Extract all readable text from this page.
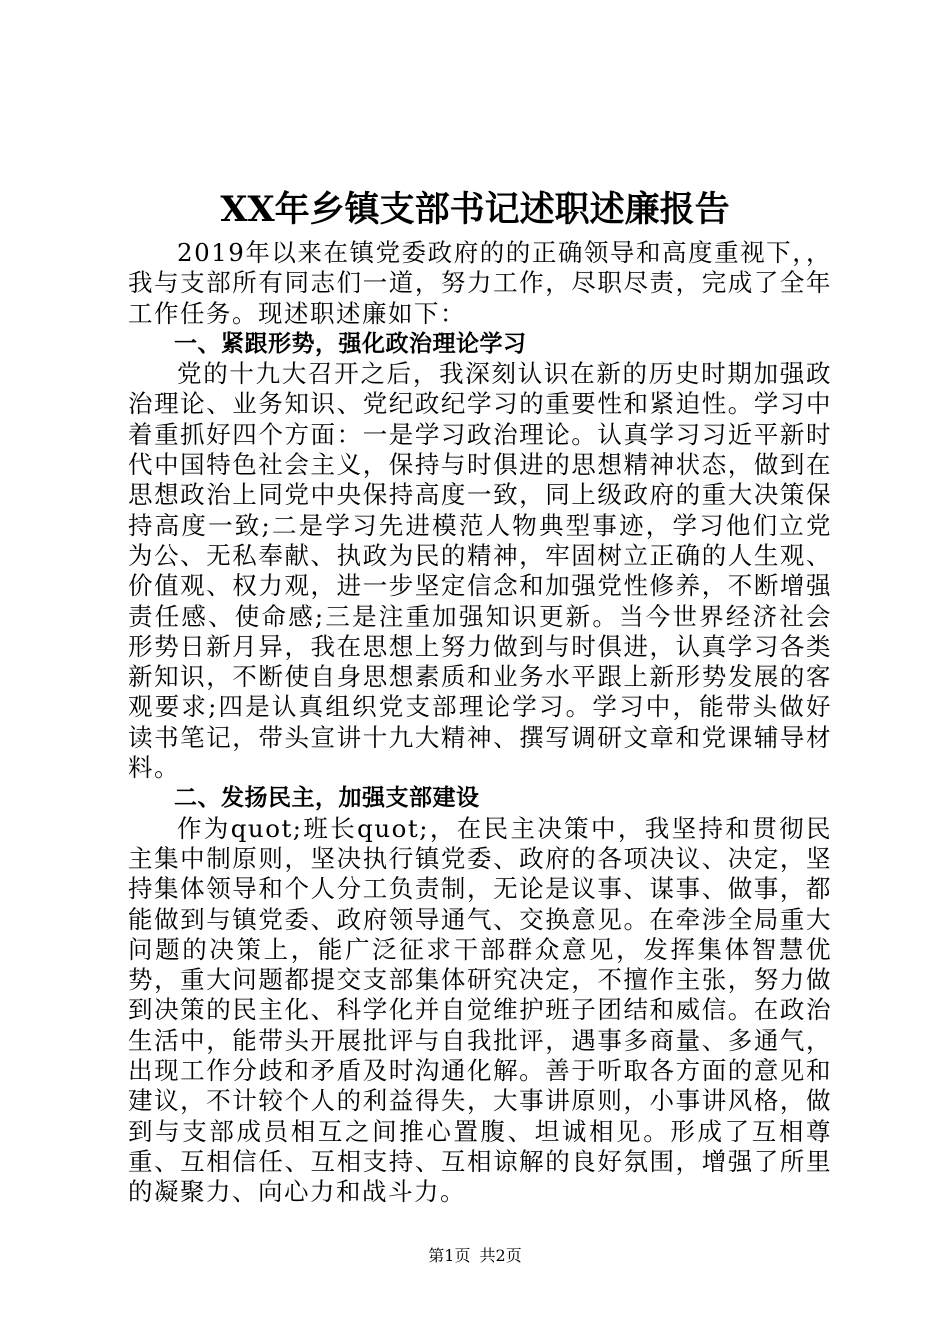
XX年乡镇支部书记述职述廉报告

2019年以来在镇党委政府的的正确领导和高度重视下，，我与支部所有同志们一道，努力工作，尽职尽责，完成了全年工作任务。现述职述廉如下：

一、紧跟形势，强化政治理论学习

党的十九大召开之后，我深刻认识在新的历史时期加强政治理论、业务知识、党纪政纪学习的重要性和紧迫性。学习中着重抓好四个方面：一是学习政治理论。认真学习习近平新时代中国特色社会主义，保持与时俱进的思想精神状态，做到在思想政治上同党中央保持高度一致，同上级政府的重大决策保持高度一致;二是学习先进模范人物典型事迹，学习他们立党为公、无私奉献、执政为民的精神，牢固树立正确的人生观、价值观、权力观，进一步坚定信念和加强党性修养，不断增强责任感、使命感;三是注重加强知识更新。当今世界经济社会形势日新月异，我在思想上努力做到与时俱进，认真学习各类新知识，不断使自身思想素质和业务水平跟上新形势发展的客观要求;四是认真组织党支部理论学习。学习中，能带头做好读书笔记，带头宣讲十九大精神、撰写调研文章和党课辅导材料。

二、发扬民主，加强支部建设

作为quot;班长quot;，在民主决策中，我坚持和贯彻民主集中制原则，坚决执行镇党委、政府的各项决议、决定，坚持集体领导和个人分工负责制，无论是议事、谋事、做事，都能做到与镇党委、政府领导通气、交换意见。在牵涉全局重大问题的决策上，能广泛征求干部群众意见，发挥集体智慧优势，重大问题都提交支部集体研究决定，不擅作主张，努力做到决策的民主化、科学化并自觉维护班子团结和威信。在政治生活中，能带头开展批评与自我批评，遇事多商量、多通气，出现工作分歧和矛盾及时沟通化解。善于听取各方面的意见和建议，不计较个人的利益得失，大事讲原则，小事讲风格，做到与支部成员相互之间推心置腹、坦诚相见。形成了互相尊重、互相信任、互相支持、互相谅解的良好氛围，增强了所里的凝聚力、向心力和战斗力。

第1页 共2页
